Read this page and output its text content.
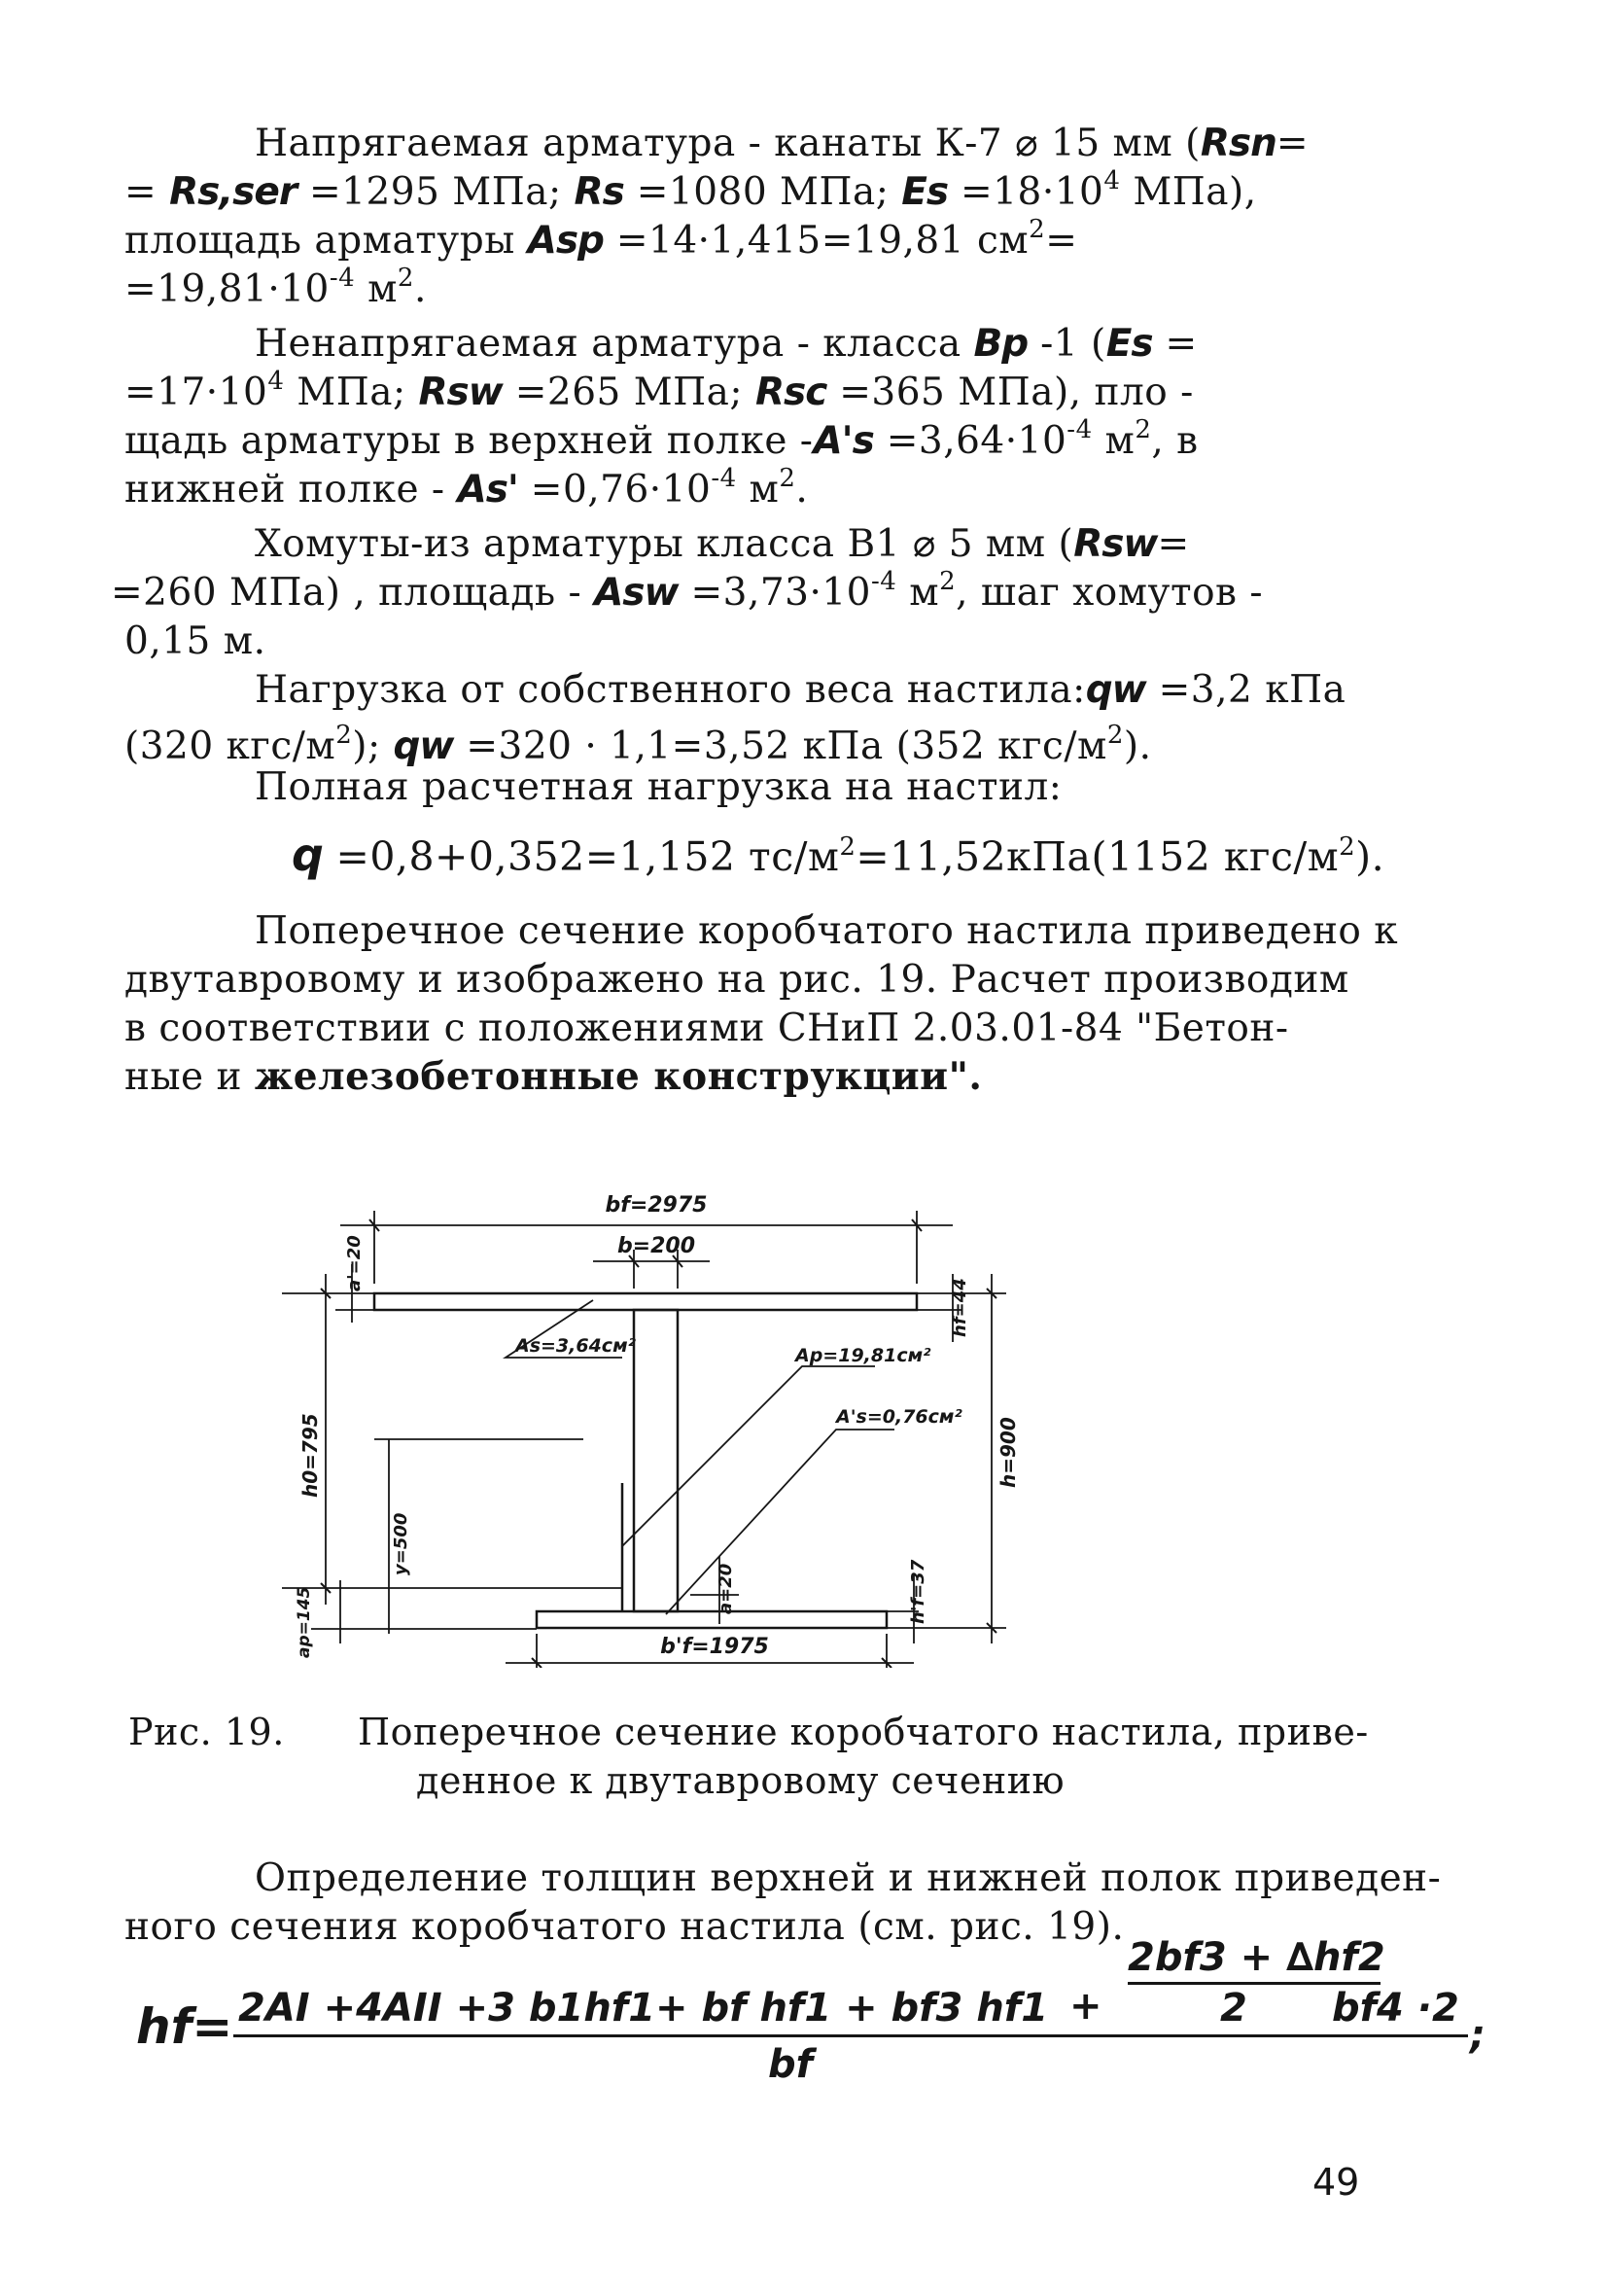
Напрягаемая арматура - канаты К-7 ⌀ 15 мм (Rsn=
= Rs,ser =1295 МПа; Rs =1080 МПа; $Es =18\cdot 10^4$ МПа),
площадь арматуры Asp =14·1,415=19,81 $см^2=$
$=19,81\cdot 10^{-4}$ $м^2$.
Ненапрягаемая арматура - класса Bp -1 (Es =
$=17\cdot 10^4$ МПа; Rsw =265 МПа; Rsc =365 МПа), пло -
щадь арматуры в верхней полке $-A's =3,64\cdot 10^{-4}$ $м^2$, в
нижней полке - $As' =0,76\cdot 10^{-4}$ $м^2$.
Хомуты-из арматуры класса В1 ⌀ 5 мм (Rsw=
=260 МПа) , площадь - Asw $=3,73\cdot 10^{-4}$ $м^2$, шаг хомутов -
0,15 м.
Нагрузка от собственного веса настила:qw =3,2 кПа
(320 кгс/$м^2$); qw =320 · 1,1=3,52 кПа (352 кгс/$м^2$).
Полная расчетная нагрузка на настил:
q =0,8+0,352=1,152 $тс/м^2=11,52кПа(1152$ кгс/$м^2$).
Поперечное сечение коробчатого настила приведено к
двутавровому и изображено на рис. 19. Расчет производим
в соответствии с положениями СНиП 2.03.01-84 "Бетон-
ные и железобетонные конструкции".
bf=2975
b=200
a'=20
As=3,64см²	Ap=19,81см²
A's=0,76см²
h0=795
hf=44
h=900
y=500
a=20	h'f=37
ap=145	b'f=1975
Рис. 19. Поперечное сечение коробчатого настила, приве-
денное к двутавровому сечению
Определение толщин верхней и нижней полок приведен-
ного сечения коробчатого настила (см. рис. 19).
hf= 2AI +4AII +3 b1hf1+ bf hf1 + bf3 hf1 +
2bf3 + ∆hf2
2 bf4 ·2
bf
;
49
